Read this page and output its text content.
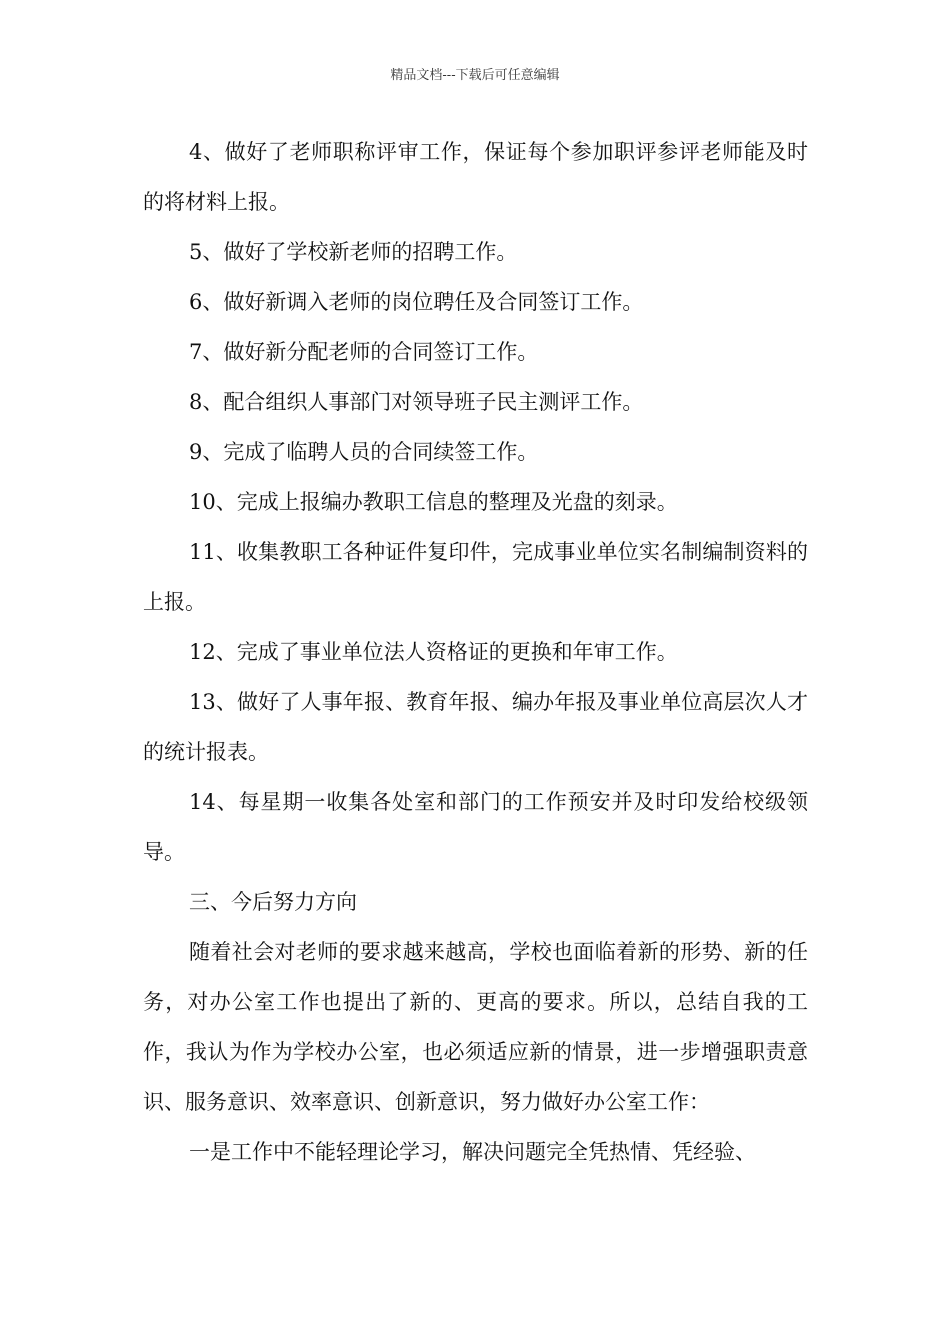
精品文档---下载后可任意编辑

4、做好了老师职称评审工作，保证每个参加职评参评老师能及时的将材料上报。

5、做好了学校新老师的招聘工作。

6、做好新调入老师的岗位聘任及合同签订工作。

7、做好新分配老师的合同签订工作。

8、配合组织人事部门对领导班子民主测评工作。

9、完成了临聘人员的合同续签工作。

10、完成上报编办教职工信息的整理及光盘的刻录。

11、收集教职工各种证件复印件，完成事业单位实名制编制资料的上报。

12、完成了事业单位法人资格证的更换和年审工作。

13、做好了人事年报、教育年报、编办年报及事业单位高层次人才的统计报表。

14、每星期一收集各处室和部门的工作预安并及时印发给校级领导。

三、今后努力方向

随着社会对老师的要求越来越高，学校也面临着新的形势、新的任务，对办公室工作也提出了新的、更高的要求。所以，总结自我的工作，我认为作为学校办公室，也必须适应新的情景，进一步增强职责意识、服务意识、效率意识、创新意识，努力做好办公室工作：

一是工作中不能轻理论学习，解决问题完全凭热情、凭经验、
